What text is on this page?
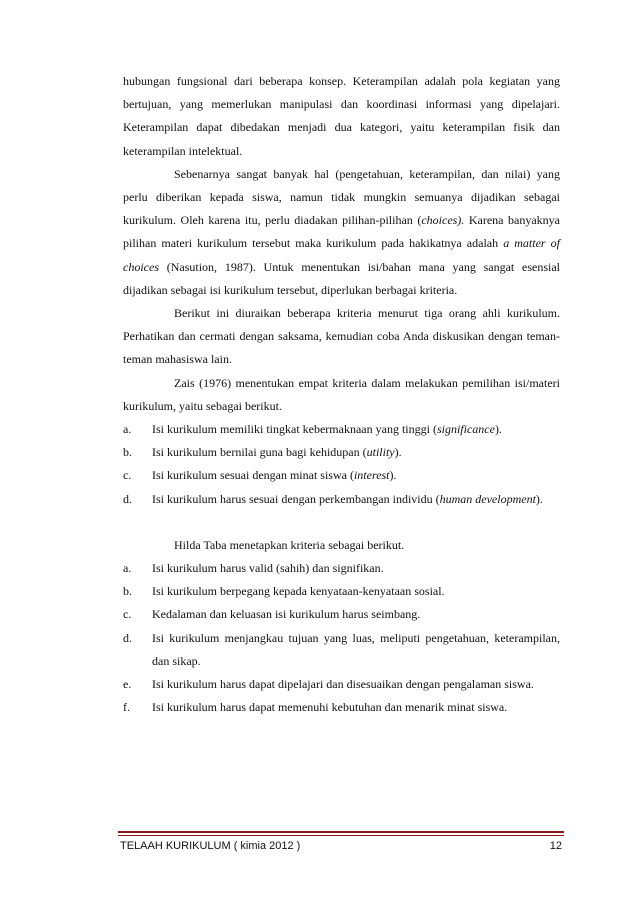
hubungan fungsional dari beberapa konsep. Keterampilan adalah pola kegiatan yang bertujuan, yang memerlukan manipulasi dan koordinasi informasi yang dipelajari. Keterampilan dapat dibedakan menjadi dua kategori, yaitu keterampilan fisik dan keterampilan intelektual.

Sebenarnya sangat banyak hal (pengetahuan, keterampilan, dan nilai) yang perlu diberikan kepada siswa, namun tidak mungkin semuanya dijadikan sebagai kurikulum. Oleh karena itu, perlu diadakan pilihan-pilihan (choices). Karena banyaknya pilihan materi kurikulum tersebut maka kurikulum pada hakikatnya adalah a matter of choices (Nasution, 1987). Untuk menentukan isi/bahan mana yang sangat esensial dijadikan sebagai isi kurikulum tersebut, diperlukan berbagai kriteria.

Berikut ini diuraikan beberapa kriteria menurut tiga orang ahli kurikulum. Perhatikan dan cermati dengan saksama, kemudian coba Anda diskusikan dengan teman-teman mahasiswa lain.

Zais (1976) menentukan empat kriteria dalam melakukan pemilihan isi/materi kurikulum, yaitu sebagai berikut.

a.	Isi kurikulum memiliki tingkat kebermaknaan yang tinggi (significance).
b.	Isi kurikulum bernilai guna bagi kehidupan (utility).
c.	Isi kurikulum sesuai dengan minat siswa (interest).
d.	Isi kurikulum harus sesuai dengan perkembangan individu (human development).

Hilda Taba menetapkan kriteria sebagai berikut.

a.	Isi kurikulum harus valid (sahih) dan signifikan.
b.	Isi kurikulum berpegang kepada kenyataan-kenyataan sosial.
c.	Kedalaman dan keluasan isi kurikulum harus seimbang.
d.	Isi kurikulum menjangkau tujuan yang luas, meliputi pengetahuan, keterampilan, dan sikap.
e.	Isi kurikulum harus dapat dipelajari dan disesuaikan dengan pengalaman siswa.
f.	Isi kurikulum harus dapat memenuhi kebutuhan dan menarik minat siswa.
TELAAH KURIKULUM ( kimia 2012 )	12
